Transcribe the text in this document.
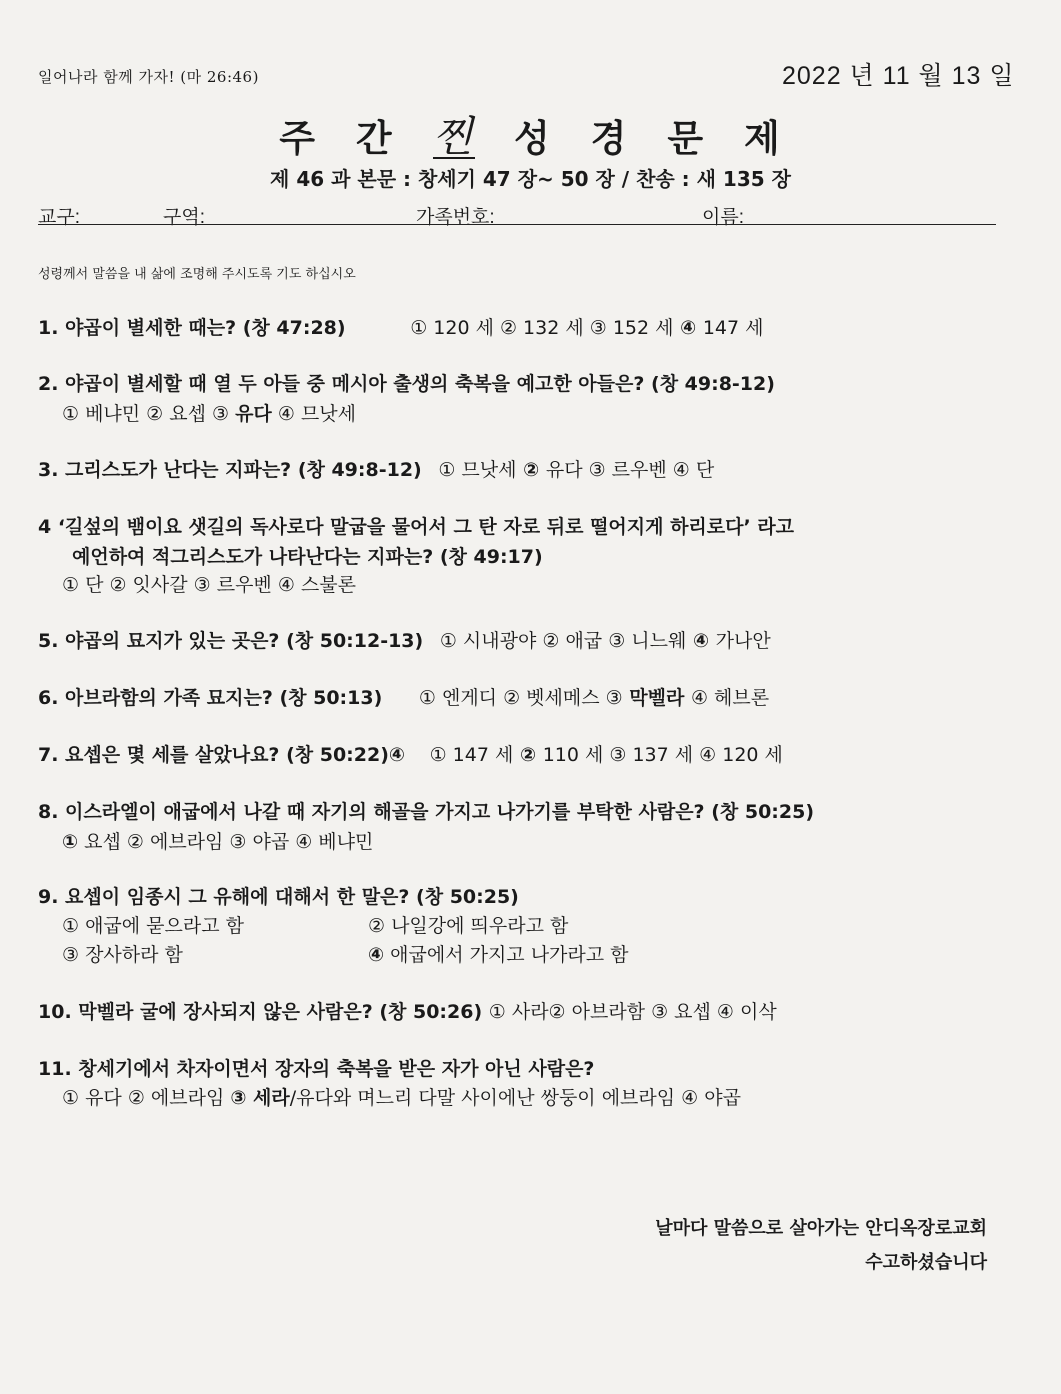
일어나라 함께 가자! (마 26:46)	2022 년 11 월 13 일
주 간 찐 성 경 문 제
제 46 과 본문 : 창세기 47 장~ 50 장 / 찬송 : 새 135 장
교구:	구역:	가족번호:	이름:
성령께서 말씀을 내 삶에 조명해 주시도록 기도 하십시오
1. 야곱이 별세한 때는? (창 47:28)	① 120 세 ② 132 세 ③ 152 세 ④ 147 세
2. 야곱이 별세할 때 열 두 아들 중 메시아 출생의 축복을 예고한 아들은? (창 49:8-12)
① 베냐민 ② 요셉 ③ 유다 ④ 므낫세
3. 그리스도가 난다는 지파는? (창 49:8-12) ① 므낫세 ② 유다 ③ 르우벤 ④ 단
4 ‘길섶의 뱀이요 샛길의 독사로다 말굽을 물어서 그 탄 자로 뒤로 떨어지게 하리로다’ 라고
예언하여 적그리스도가 나타난다는 지파는? (창 49:17)
① 단 ② 잇사갈 ③ 르우벤 ④ 스불론
5. 야곱의 묘지가 있는 곳은? (창 50:12-13) ① 시내광야 ② 애굽 ③ 니느웨 ④ 가나안
6. 아브라함의 가족 묘지는? (창 50:13) ① 엔게디 ② 벳세메스 ③ 막벨라 ④ 헤브론
7. 요셉은 몇 세를 살았나요? (창 50:22)④ ① 147 세 ② 110 세 ③ 137 세 ④ 120 세
8. 이스라엘이 애굽에서 나갈 때 자기의 해골을 가지고 나가기를 부탁한 사람은? (창 50:25)
① 요셉 ② 에브라임 ③ 야곱 ④ 베냐민
9. 요셉이 임종시 그 유해에 대해서 한 말은? (창 50:25)
① 애굽에 묻으라고 함	② 나일강에 띄우라고 함
③ 장사하라 함	④ 애굽에서 가지고 나가라고 함
10. 막벨라 굴에 장사되지 않은 사람은? (창 50:26) ① 사라② 아브라함 ③ 요셉 ④ 이삭
11. 창세기에서 차자이면서 장자의 축복을 받은 자가 아닌 사람은?
① 유다 ② 에브라임 ③ 세라/유다와 며느리 다말 사이에난 쌍둥이 에브라임 ④ 야곱
날마다 말씀으로 살아가는 안디옥장로교회
수고하셨습니다
